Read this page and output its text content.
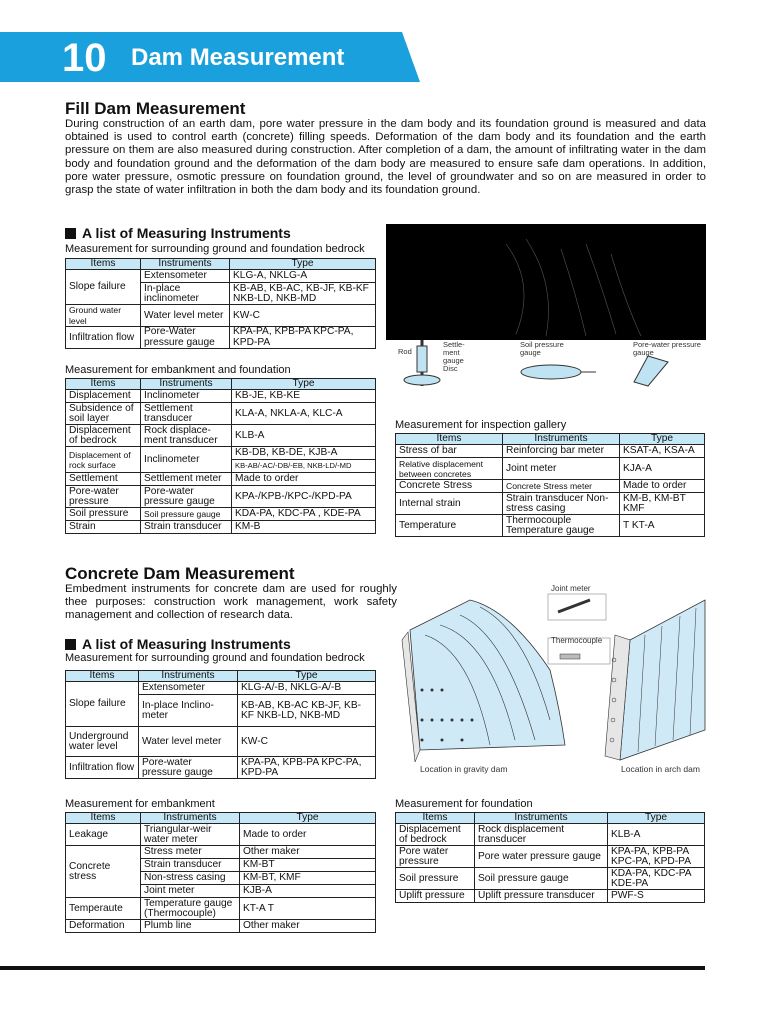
10 Dam Measurement
Fill Dam Measurement
During construction of an earth dam, pore water pressure in the dam body and its foundation ground is measured and data obtained is used to control earth (concrete) filling speeds. Deformation of the dam body and its foundation and the earth pressure on them are also measured during construction. After completion of a dam, the amount of infiltrating water in the dam body and foundation ground and the deformation of the dam body are measured to ensure safe dam operations. In addition, pore water pressure, osmotic pressure on foundation ground, the level of groundwater and so on are measured in order to grasp the state of water infiltration in both the dam body and its foundation ground.
A list of Measuring Instruments
Measurement for surrounding ground and foundation bedrock
Items	Instruments	Type
Slope failure	Extensometer	KLG-A, NKLG-A
	In-place inclinometer	KB-AB, KB-AC, KB-JF, KB-KF NKB-LD, NKB-MD
Ground water level	Water level meter	KW-C
Infiltration flow	Pore-Water pressure gauge	KPA-PA, KPB-PA KPC-PA, KPD-PA
Rod
Settle-ment gauge Disc
Soil pressure gauge
Pore-water pressure gauge
Measurement for embankment and foundation
Items	Instruments	Type
Displacement	Inclinometer	KB-JE, KB-KE
Subsidence of soil layer	Settlement transducer	KLA-A, NKLA-A, KLC-A
Displacement of bedrock	Rock displace-ment transducer	KLB-A
Displacement of rock surface	Inclinometer	KB-DB, KB-DE, KJB-A
		KB-AB/-AC/-DB/-EB, NKB-LD/-MD
Settlement	Settlement meter	Made to order
Pore-water pressure	Pore-water pressure gauge	KPA-/KPB-/KPC-/KPD-PA
Soil pressure	Soil pressure gauge	KDA-PA, KDC-PA , KDE-PA
Strain	Strain transducer	KM-B
Measurement for inspection gallery
Items	Instruments	Type
Stress of bar	Reinforcing bar meter	KSAT-A, KSA-A
Relative displacement between concretes	Joint meter	KJA-A
Concrete Stress	Concrete Stress meter	Made to order
Internal strain	Strain transducer Non-stress casing	KM-B, KM-BT KMF
Temperature	Thermocouple Temperature gauge	T KT-A
Concrete Dam Measurement
Embedment instruments for concrete dam are used for roughly thee purposes: construction work management, work safety management and collection of research data.
A list of Measuring Instruments
Measurement for surrounding ground and foundation bedrock
Items	Instruments	Type
Slope failure	Extensometer	KLG-A/-B, NKLG-A/-B
	In-place Inclino-meter	KB-AB, KB-AC KB-JF, KB-KF NKB-LD, NKB-MD
Underground water level	Water level meter	KW-C
Infiltration flow	Pore-water pressure gauge	KPA-PA, KPB-PA KPC-PA, KPD-PA
Joint meter
Thermocouple
Location in gravity dam	Location in arch dam
Measurement for embankment
Items	Instruments	Type
Leakage	Triangular-weir water meter	Made to order
Concrete stress	Stress meter	Other maker
	Strain transducer	KM-BT
	Non-stress casing	KM-BT, KMF
	Joint meter	KJB-A
Temperaute	Temperature gauge (Thermocouple)	KT-A T
Deformation	Plumb line	Other maker
Measurement for foundation
Items	Instruments	Type
Displacement of bedrock	Rock displacement transducer	KLB-A
Pore water pressure	Pore water pressure gauge	KPA-PA, KPB-PA KPC-PA, KPD-PA
Soil pressure	Soil pressure gauge	KDA-PA, KDC-PA KDE-PA
Uplift pressure	Uplift pressure transducer	PWF-S
